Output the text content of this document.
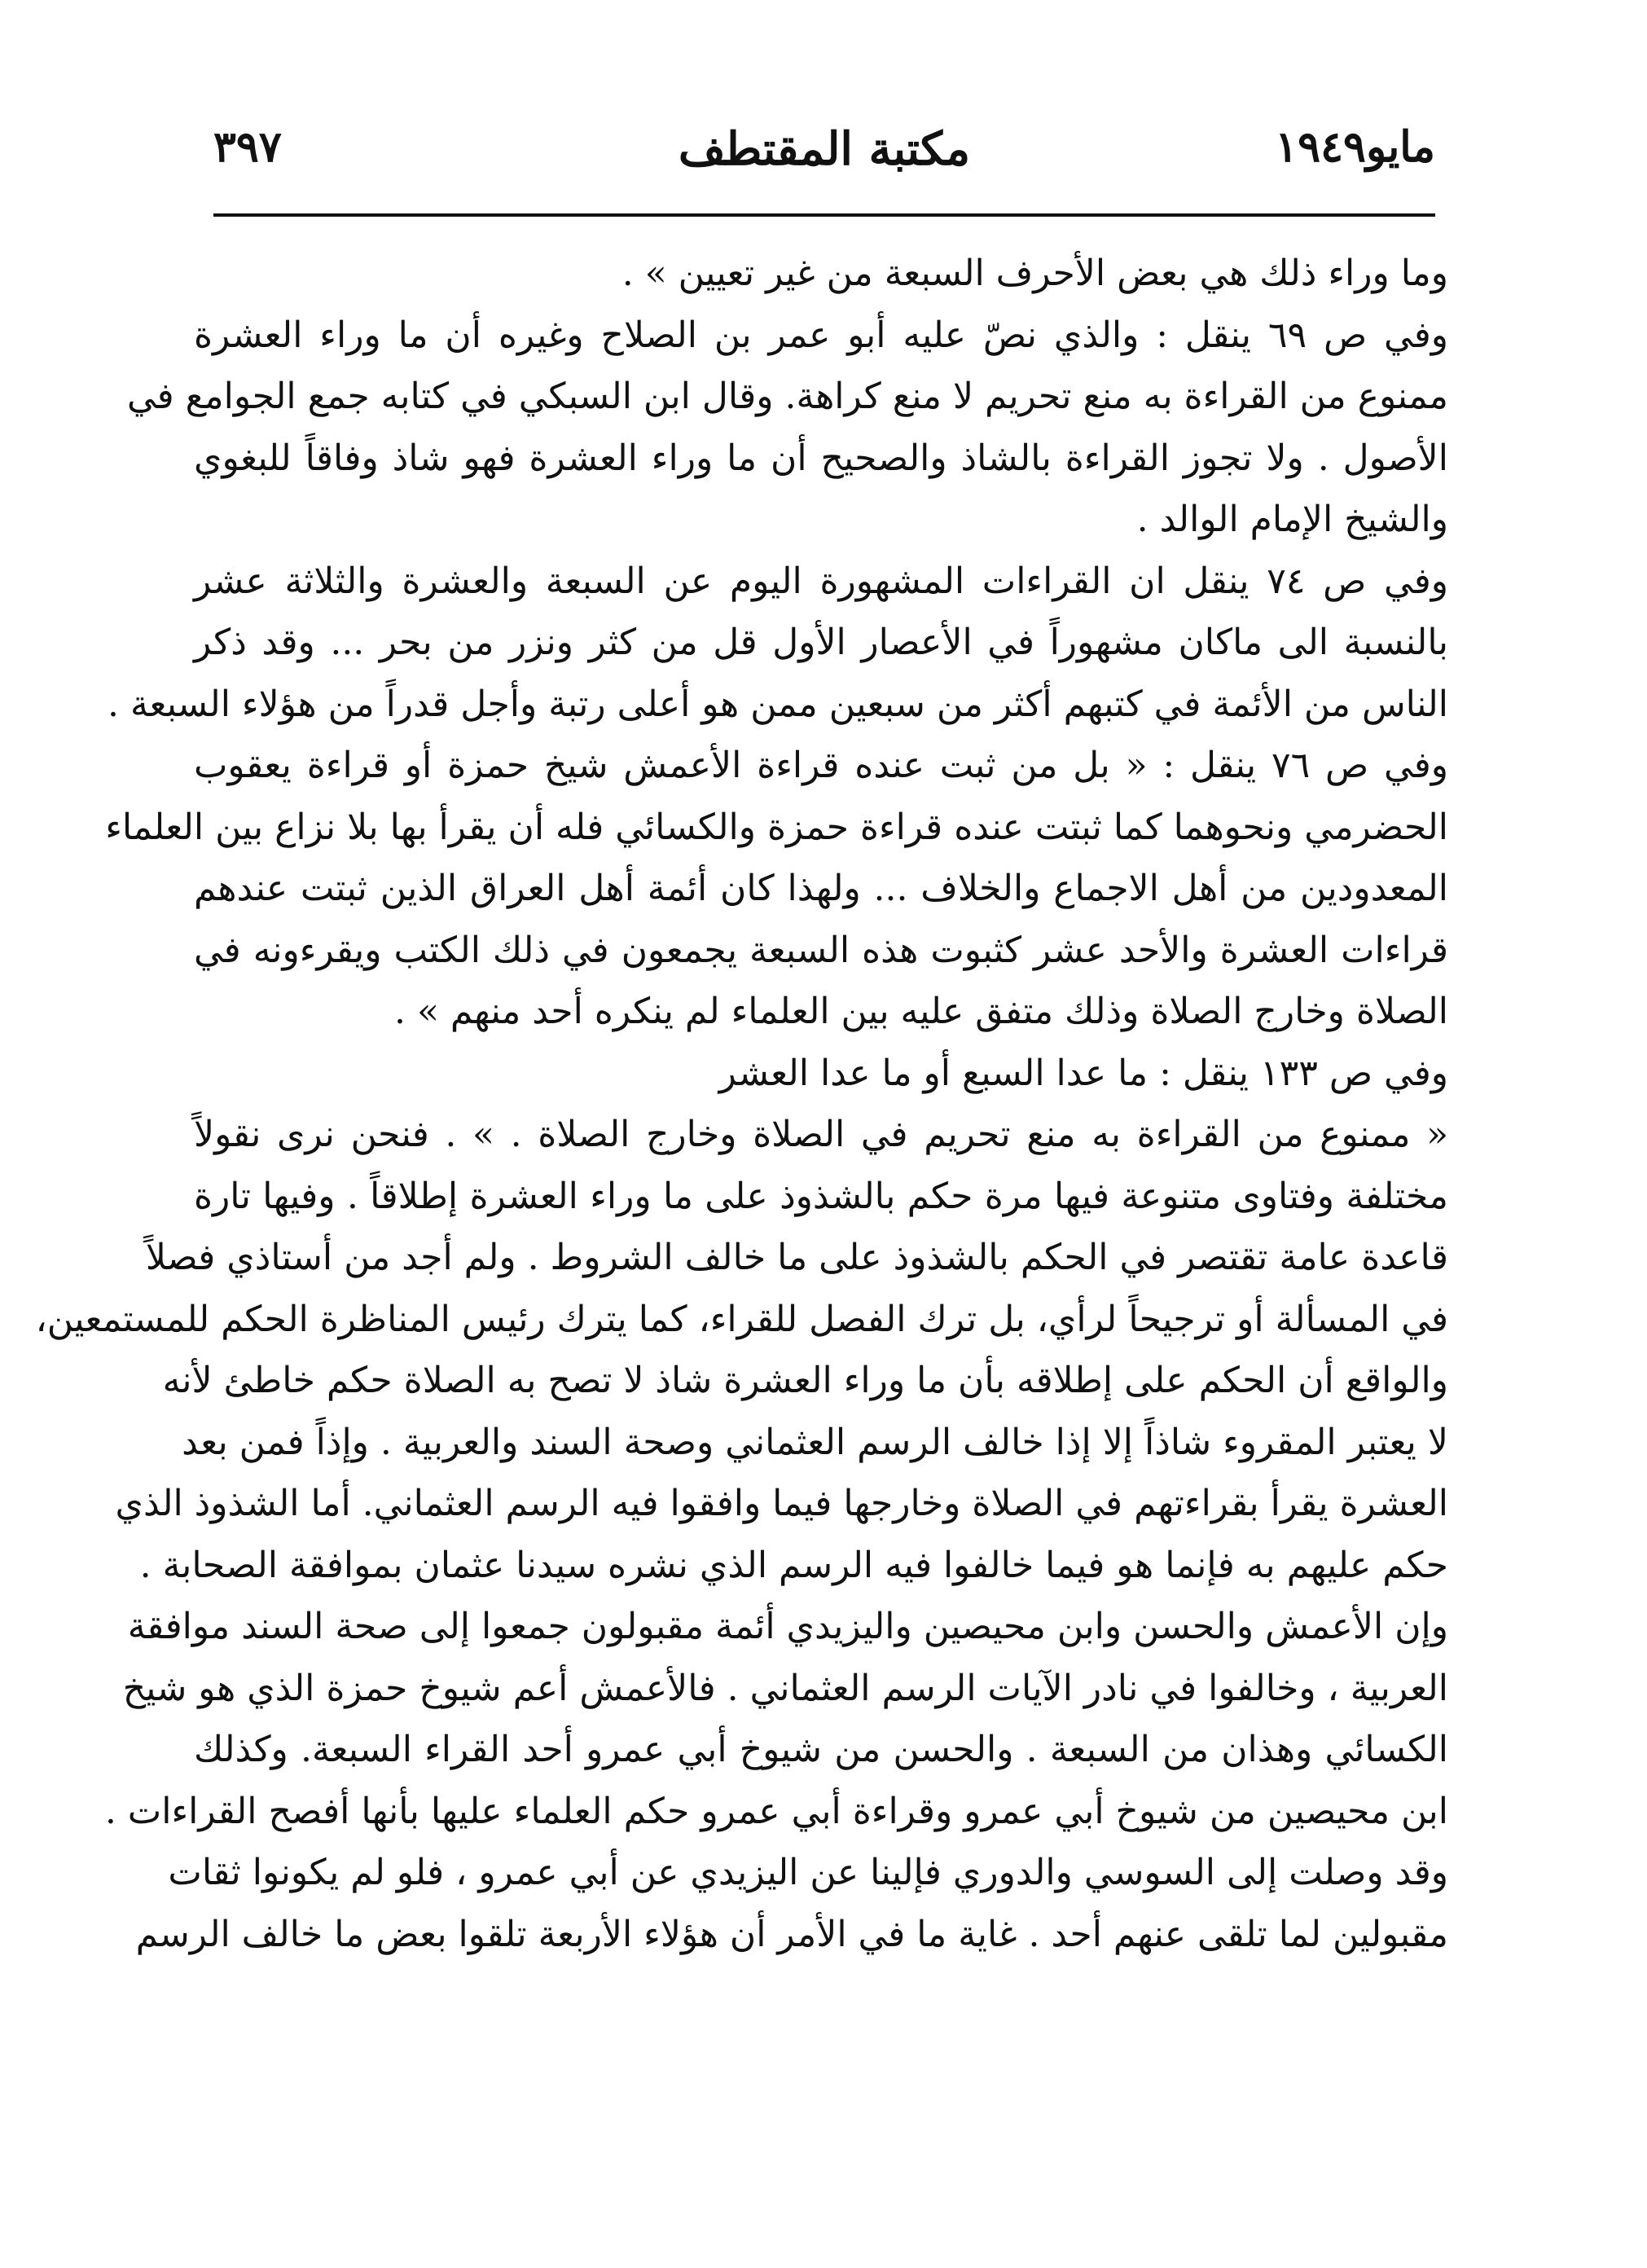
مايو١٩٤٩
مكتبة المقتطف
٣٩٧
وما وراء ذلك هي بعض الأحرف السبعة من غير تعيين » .
وفي ص ٦٩ ينقل : والذي نصّ عليه أبو عمر بن الصلاح وغيره أن ما وراء العشرة
ممنوع من القراءة به منع تحريم لا منع كراهة. وقال ابن السبكي في كتابه جمع الجوامع في
الأصول . ولا تجوز القراءة بالشاذ والصحيح أن ما وراء العشرة فهو شاذ وفاقاً للبغوي
والشيخ الإمام الوالد .
وفي ص ٧٤ ينقل ان القراءات المشهورة اليوم عن السبعة والعشرة والثلاثة عشر
بالنسبة الى ماكان مشهوراً في الأعصار الأول قل من كثر ونزر من بحر ... وقد ذكر
الناس من الأئمة في كتبهم أكثر من سبعين ممن هو أعلى رتبة وأجل قدراً من هؤلاء السبعة .
وفي ص ٧٦ ينقل : « بل من ثبت عنده قراءة الأعمش شيخ حمزة أو قراءة يعقوب
الحضرمي ونحوهما كما ثبتت عنده قراءة حمزة والكسائي فله أن يقرأ بها بلا نزاع بين العلماء
المعدودين من أهل الاجماع والخلاف ... ولهذا كان أئمة أهل العراق الذين ثبتت عندهم
قراءات العشرة والأحد عشر كثبوت هذه السبعة يجمعون في ذلك الكتب ويقرءونه في
الصلاة وخارج الصلاة وذلك متفق عليه بين العلماء لم ينكره أحد منهم » .
وفي ص ١٣٣ ينقل : ما عدا السبع أو ما عدا العشر
« ممنوع من القراءة به منع تحريم في الصلاة وخارج الصلاة . » . فنحن نرى نقولاً
مختلفة وفتاوى متنوعة فيها مرة حكم بالشذوذ على ما وراء العشرة إطلاقاً . وفيها تارة
قاعدة عامة تقتصر في الحكم بالشذوذ على ما خالف الشروط . ولم أجد من أستاذي فصلاً
في المسألة أو ترجيحاً لرأي، بل ترك الفصل للقراء، كما يترك رئيس المناظرة الحكم للمستمعين،
والواقع أن الحكم على إطلاقه بأن ما وراء العشرة شاذ لا تصح به الصلاة حكم خاطئ لأنه
لا يعتبر المقروء شاذاً إلا إذا خالف الرسم العثماني وصحة السند والعربية . وإذاً فمن بعد
العشرة يقرأ بقراءتهم في الصلاة وخارجها فيما وافقوا فيه الرسم العثماني. أما الشذوذ الذي
حكم عليهم به فإنما هو فيما خالفوا فيه الرسم الذي نشره سيدنا عثمان بموافقة الصحابة .
وإن الأعمش والحسن وابن محيصين واليزيدي أئمة مقبولون جمعوا إلى صحة السند موافقة
العربية ، وخالفوا في نادر الآيات الرسم العثماني . فالأعمش أعم شيوخ حمزة الذي هو شيخ
الكسائي وهذان من السبعة . والحسن من شيوخ أبي عمرو أحد القراء السبعة. وكذلك
ابن محيصين من شيوخ أبي عمرو وقراءة أبي عمرو حكم العلماء عليها بأنها أفصح القراءات .
وقد وصلت إلى السوسي والدوري فإلينا عن اليزيدي عن أبي عمرو ، فلو لم يكونوا ثقات
مقبولين لما تلقى عنهم أحد . غاية ما في الأمر أن هؤلاء الأربعة تلقوا بعض ما خالف الرسم
